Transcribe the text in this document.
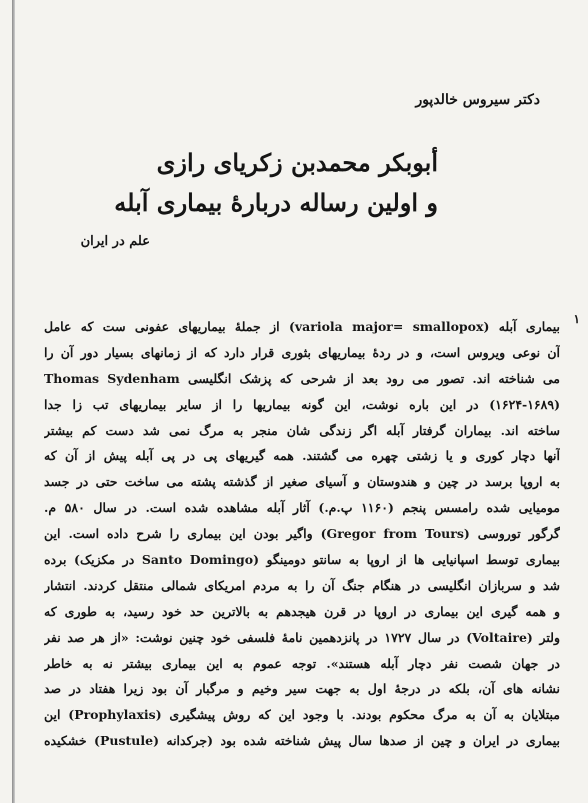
دکتر سیروس خالدپور
أبوبکر محمدبن زکریای رازی
و اولین رساله دربارهٔ بیماری آبله
علم در ایران
۱
بیماری آبله (variola major= smallopox) از جملهٔ بیماریهای عفونی ست که عامل
آن نوعی ویروس است، و در ردهٔ بیماریهای بثوری قرار دارد که از زمانهای بسیار دور آن را
می شناخته اند. تصور می رود بعد از شرحی که پزشک انگلیسی Thomas Sydenham
(۱۶۲۴-۱۶۸۹) در این باره نوشت، این گونه بیماریها را از سایر بیماریهای تب زا جدا
ساخته اند. بیماران گرفتار آبله اگر زندگی شان منجر به مرگ نمی شد دست کم بیشتر
آنها دچار کوری و یا زشتی چهره می گشتند. همه گیریهای پی در پی آبله پیش از آن که
به اروپا برسد در چین و هندوستان و آسیای صغیر از گذشته پشته می ساخت حتی در جسد
مومیایی شده رامسس پنجم (۱۱۶۰ پ.م.) آثار آبله مشاهده شده است. در سال ۵۸۰ م.
گرگور توروسی (Gregor from Tours) واگیر بودن این بیماری را شرح داده است. این
بیماری توسط اسپانیایی ها از اروپا به سانتو دومینگو (Santo Domingo در مکزیک) برده
شد و سربازان انگلیسی در هنگام جنگ آن را به مردم امریکای شمالی منتقل کردند. انتشار
و همه گیری این بیماری در اروپا در قرن هیجدهم به بالاترین حد خود رسید، به طوری که
ولتر (Voltaire) در سال ۱۷۲۷ در پانزدهمین نامهٔ فلسفی خود چنین نوشت: «از هر صد نفر
در جهان شصت نفر دچار آبله هستند». توجه عموم به این بیماری بیشتر نه به خاطر
نشانه های آن، بلکه در درجهٔ اول به جهت سیر وخیم و مرگبار آن بود زیرا هفتاد در صد
مبتلایان به آن به مرگ محکوم بودند. با وجود این که روش پیشگیری (Prophylaxis) این
بیماری در ایران و چین از صدها سال پیش شناخته شده بود (جرکدانه (Pustule) خشکیده
